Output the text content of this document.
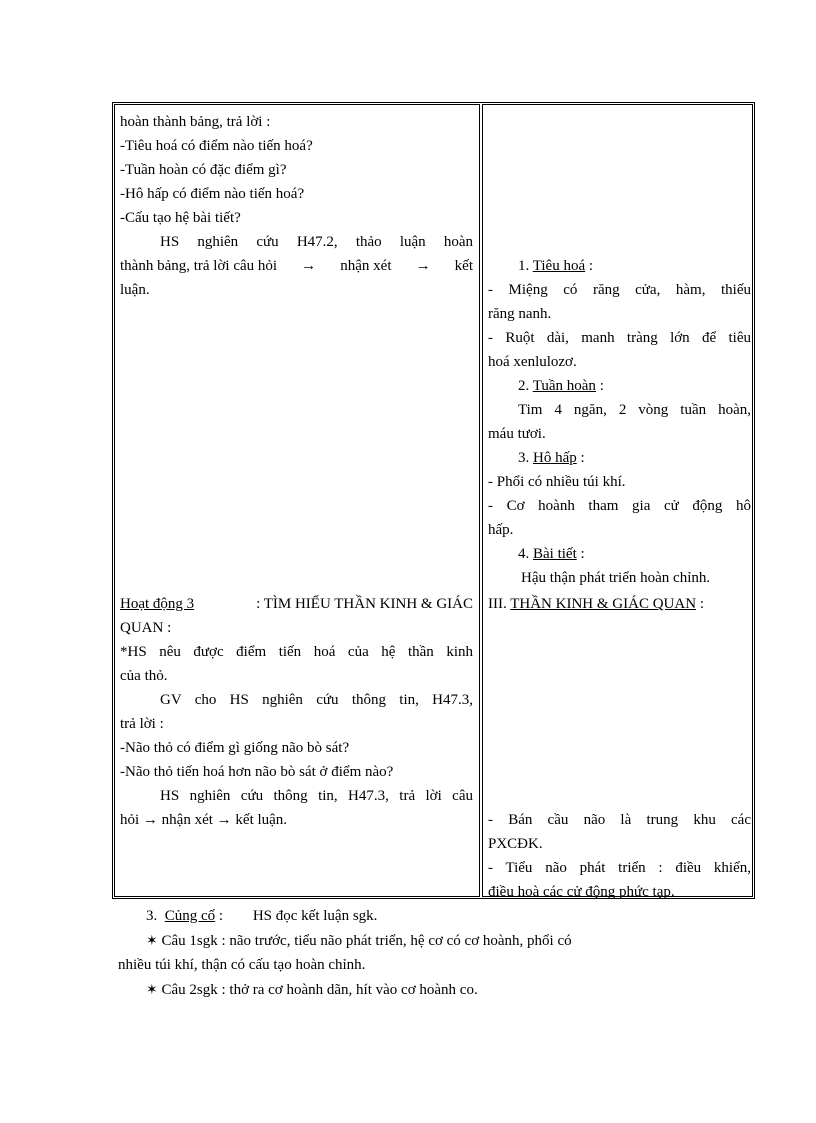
hoàn thành bảng, trả lời :
-Tiêu hoá có điểm nào tiến hoá?
-Tuần hoàn có đặc điểm gì?
-Hô hấp có điểm nào tiến hoá?
-Cấu tạo hệ bài tiết?
HS nghiên cứu H47.2, thảo luận hoàn
thành bảng, trả lời câu hỏi → nhận xét → kết
luận.
Hoạt động 3	: TÌM HIỂU THẦN KINH & GIÁC
QUAN :
*HS nêu được điểm tiến hoá của hệ thần kinh
của thỏ.
GV cho HS nghiên cứu thông tin, H47.3,
trả lời :
-Não thỏ có điểm gì giống não bò sát?
-Não thỏ tiến hoá hơn não bò sát ở điểm nào?
HS nghiên cứu thông tin, H47.3, trả lời câu
hỏi → nhận xét → kết luận.
1. Tiêu hoá :
- Miệng có răng cửa, hàm, thiếu
răng nanh.
- Ruột dài, manh tràng lớn để tiêu
hoá xenlulozơ.
2. Tuần hoàn :
Tim 4 ngăn, 2 vòng tuần hoàn,
máu tươi.
3. Hô hấp :
- Phổi có nhiều túi khí.
- Cơ hoành tham gia cử động hô
hấp.
4. Bài tiết :
Hậu thận phát triển hoàn chỉnh.
III. THẦN KINH & GIÁC QUAN :
- Bán cầu não là trung khu các
PXCĐK.
- Tiểu não phát triển : điều khiển,
điều hoà các cử động phức tạp.
3. Củng cố : HS đọc kết luận sgk.
✶ Câu 1sgk : não trước, tiểu não phát triển, hệ cơ có cơ hoành, phổi có
nhiều túi khí, thận có cấu tạo hoàn chỉnh.
✶ Câu 2sgk : thở ra cơ hoành dãn, hít vào cơ hoành co.
